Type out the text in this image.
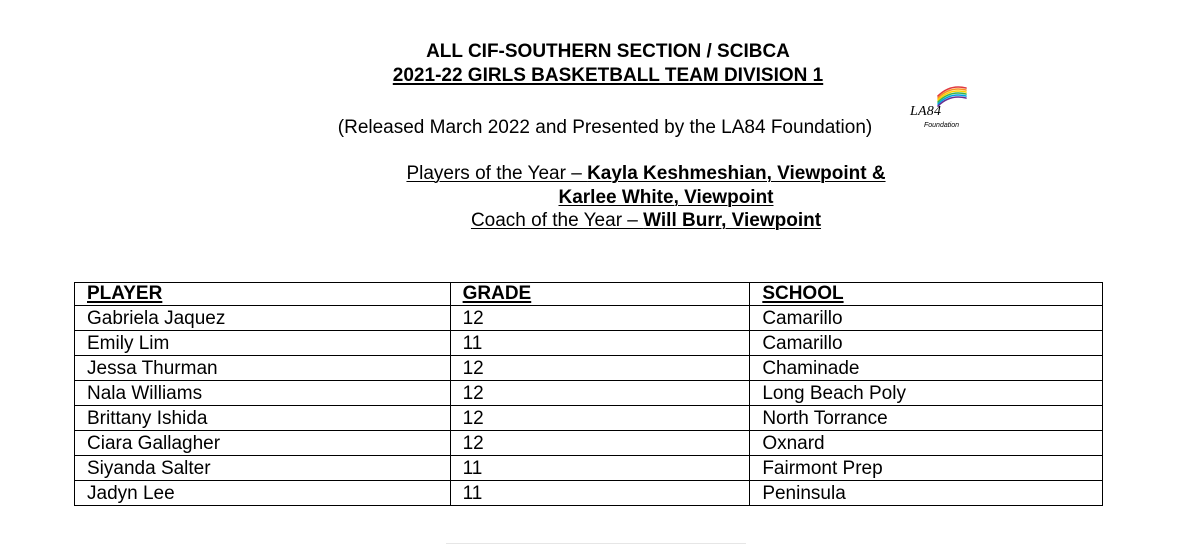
ALL CIF-SOUTHERN SECTION / SCIBCA
2021-22 GIRLS BASKETBALL TEAM DIVISION 1
LA84
Foundation
(Released March 2022 and Presented by the LA84 Foundation)
Players of the Year – Kayla Keshmeshian, Viewpoint &
Karlee White, Viewpoint
Coach of the Year – Will Burr, Viewpoint
PLAYER	GRADE	SCHOOL
Gabriela Jaquez	12	Camarillo
Emily Lim	11	Camarillo
Jessa Thurman	12	Chaminade
Nala Williams	12	Long Beach Poly
Brittany Ishida	12	North Torrance
Ciara Gallagher	12	Oxnard
Siyanda Salter	11	Fairmont Prep
Jadyn Lee	11	Peninsula
